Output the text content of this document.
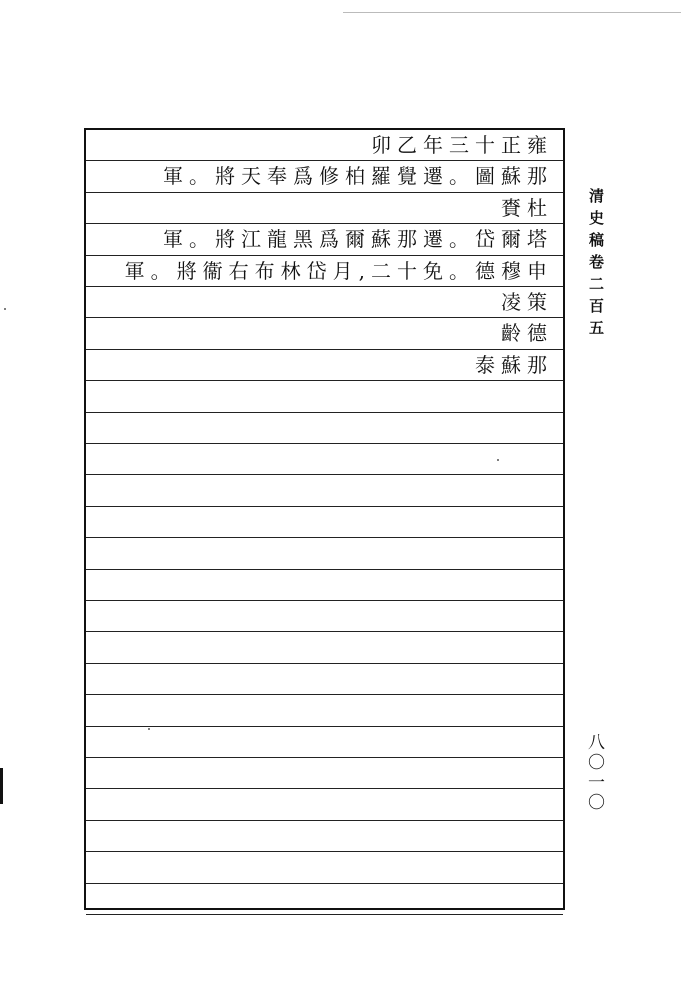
卯乙年三十正雍
軍。將天奉爲修柏羅覺遷。圖蘇那
賚杜
軍。將江龍黑爲爾蘇那遷。岱爾塔
軍。將衞右布林岱月,二十免。德穆申
凌策
齡德
泰蘇那
清史稿卷二百五
八〇一〇
